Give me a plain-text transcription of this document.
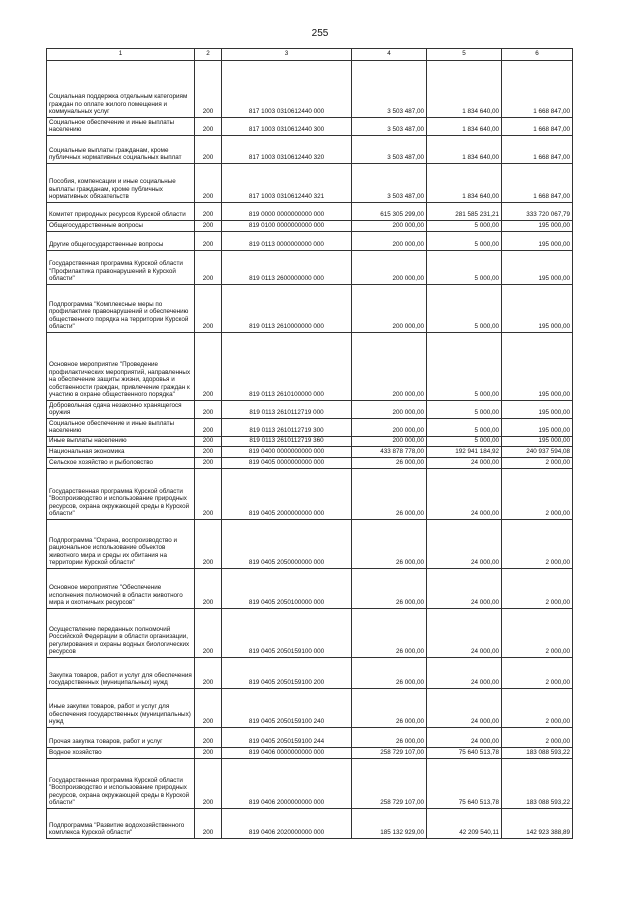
255
1	2	3	4	5	6
Социальная поддержка отдельным категориям граждан по оплате жилого помещения и коммунальных услуг	200	817 1003 0310612440 000	3 503 487,00	1 834 640,00	1 668 847,00
Социальное обеспечение и иные выплаты населению	200	817 1003 0310612440 300	3 503 487,00	1 834 640,00	1 668 847,00
Социальные выплаты гражданам, кроме публичных нормативных социальных выплат	200	817 1003 0310612440 320	3 503 487,00	1 834 640,00	1 668 847,00
Пособия, компенсации и иные социальные выплаты гражданам, кроме публичных нормативных обязательств	200	817 1003 0310612440 321	3 503 487,00	1 834 640,00	1 668 847,00
Комитет природных ресурсов Курской области	200	819 0000 0000000000 000	615 305 299,00	281 585 231,21	333 720 067,79
Общегосударственные вопросы	200	819 0100 0000000000 000	200 000,00	5 000,00	195 000,00
Другие общегосударственные вопросы	200	819 0113 0000000000 000	200 000,00	5 000,00	195 000,00
Государственная программа Курской области "Профилактика правонарушений в Курской области"	200	819 0113 2600000000 000	200 000,00	5 000,00	195 000,00
Подпрограмма "Комплексные меры по профилактике правонарушений и обеспечению общественного порядка на территории Курской области"	200	819 0113 2610000000 000	200 000,00	5 000,00	195 000,00
Основное мероприятие "Проведение профилактических мероприятий, направленных на обеспечение защиты жизни, здоровья и собственности граждан, привлечение граждан к участию в охране общественного порядка"	200	819 0113 2610100000 000	200 000,00	5 000,00	195 000,00
Добровольная сдача незаконно хранящегося оружия	200	819 0113 2610112719 000	200 000,00	5 000,00	195 000,00
Социальное обеспечение и иные выплаты населению	200	819 0113 2610112719 300	200 000,00	5 000,00	195 000,00
Иные выплаты населению	200	819 0113 2610112719 360	200 000,00	5 000,00	195 000,00
Национальная экономика	200	819 0400 0000000000 000	433 878 778,00	192 941 184,92	240 937 594,08
Сельское хозяйство и рыболовство	200	819 0405 0000000000 000	26 000,00	24 000,00	2 000,00
Государственная программа Курской области "Воспроизводство и использование природных ресурсов, охрана окружающей среды в Курской области"	200	819 0405 2000000000 000	26 000,00	24 000,00	2 000,00
Подпрограмма "Охрана, воспроизводство и рациональное использование объектов животного мира и среды их обитания на территории Курской области"	200	819 0405 2050000000 000	26 000,00	24 000,00	2 000,00
Основное мероприятие "Обеспечение исполнения полномочий в области животного мира и охотничьих ресурсов"	200	819 0405 2050100000 000	26 000,00	24 000,00	2 000,00
Осуществление переданных полномочий Российской Федерации в области организации, регулирования и охраны водных биологических ресурсов	200	819 0405 2050159100 000	26 000,00	24 000,00	2 000,00
Закупка товаров, работ и услуг для обеспечения государственных (муниципальных) нужд	200	819 0405 2050159100 200	26 000,00	24 000,00	2 000,00
Иные закупки товаров, работ и услуг для обеспечения государственных (муниципальных) нужд	200	819 0405 2050159100 240	26 000,00	24 000,00	2 000,00
Прочая закупка товаров, работ и услуг	200	819 0405 2050159100 244	26 000,00	24 000,00	2 000,00
Водное хозяйство	200	819 0406 0000000000 000	258 729 107,00	75 640 513,78	183 088 593,22
Государственная программа Курской области "Воспроизводство и использование природных ресурсов, охрана окружающей среды в Курской области"	200	819 0406 2000000000 000	258 729 107,00	75 640 513,78	183 088 593,22
Подпрограмма "Развитие водохозяйственного комплекса Курской области"	200	819 0406 2020000000 000	185 132 929,00	42 209 540,11	142 923 388,89
